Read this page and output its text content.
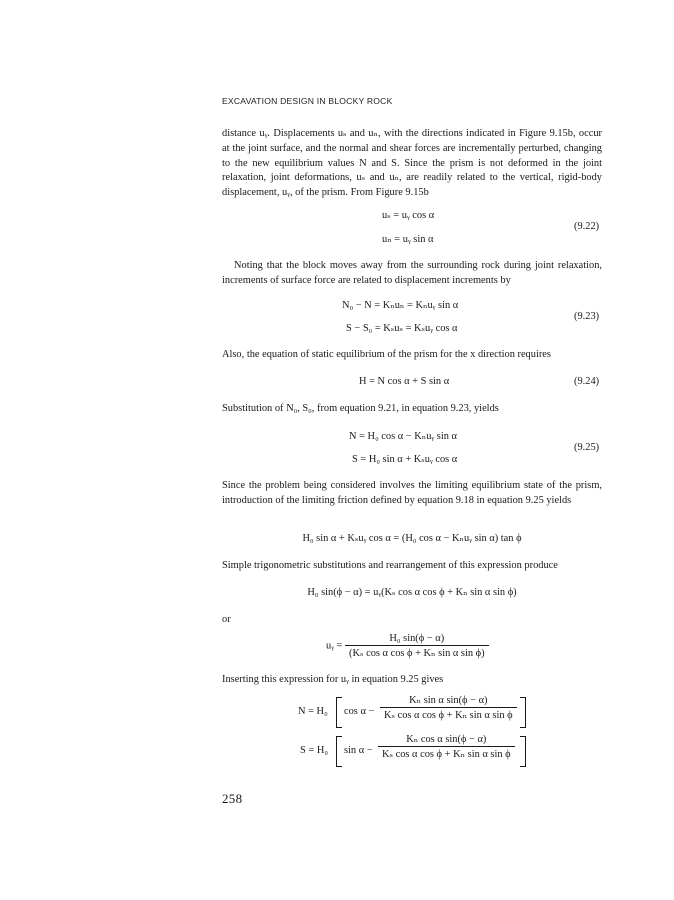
EXCAVATION DESIGN IN BLOCKY ROCK

distance uᵧ. Displacements uₛ and uₙ, with the directions indicated in Figure 9.15b, occur at the joint surface, and the normal and shear forces are incrementally perturbed, changing to the new equilibrium values N and S. Since the prism is not deformed in the joint relaxation, joint deformations, uₛ and uₙ, are readily related to the vertical, rigid-body displacement, uᵧ, of the prism. From Figure 9.15b

uₛ = uᵧ cos α
uₙ = uᵧ sin α
(9.22)

Noting that the block moves away from the surrounding rock during joint relaxation, increments of surface force are related to displacement increments by

N₀ − N = Kₙuₙ = Kₙuᵧ sin α
S − S₀ = Kₛuₛ = Kₛuᵧ cos α
(9.23)

Also, the equation of static equilibrium of the prism for the x direction requires

H = N cos α + S sin α	(9.24)

Substitution of N₀, S₀, from equation 9.21, in equation 9.23, yields

N = H₀ cos α − Kₙuᵧ sin α
S = H₀ sin α + Kₛuᵧ cos α
(9.25)

Since the problem being considered involves the limiting equilibrium state of the prism, introduction of the limiting friction defined by equation 9.18 in equation 9.25 yields

H₀ sin α + Kₛuᵧ cos α = (H₀ cos α − Kₙuᵧ sin α) tan ϕ

Simple trigonometric substitutions and rearrangement of this expression produce

H₀ sin(ϕ − α) = uᵧ(Kₛ cos α cos ϕ + Kₙ sin α sin ϕ)
or
uᵧ = $\frac{\text{H₀ sin(ϕ − α)}}{\text{(Kₛ cos α cos ϕ + Kₙ sin α sin ϕ)}}$

Inserting this expression for uᵧ in equation 9.25 gives

N = H₀ $\cos \alpha - \frac{\text{Kₙ sin α sin(ϕ − α)}}{\text{Kₛ cos α cos ϕ + Kₙ sin α sin ϕ}}$
S = H₀ $\sin \alpha - \frac{\text{Kₙ cos α sin(ϕ − α)}}{\text{Kₛ cos α cos ϕ + Kₙ sin α sin ϕ}}$
258
